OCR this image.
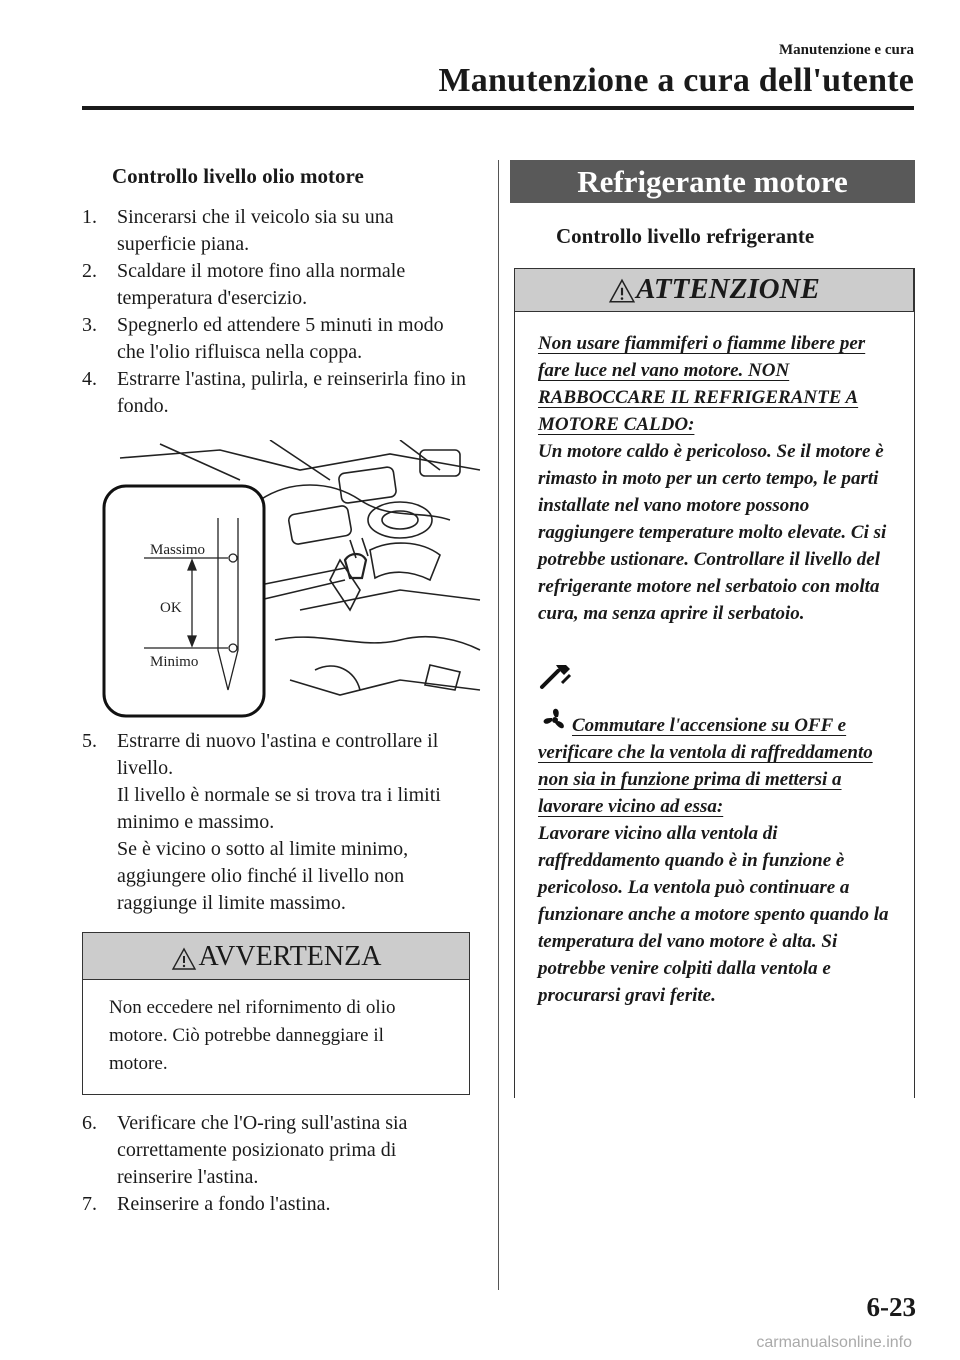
Manutenzione e cura
Manutenzione a cura dell'utente
Controllo livello olio motore
1. Sincerarsi che il veicolo sia su una superficie piana.

2. Scaldare il motore fino alla normale temperatura d'esercizio.

3. Spegnerlo ed attendere 5 minuti in modo che l'olio rifluisca nella coppa.

4. Estrarre l'astina, pulirla, e reinserirla fino in fondo.

Massimo
OK
Minimo
5. Estrarre di nuovo l'astina e controllare il livello.

Il livello è normale se si trova tra i limiti minimo e massimo.

Se è vicino o sotto al limite minimo, aggiungere olio finché il livello non raggiunge il limite massimo.

AVVERTENZA
Non eccedere nel rifornimento di olio motore. Ciò potrebbe danneggiare il motore.
6. Verificare che l'O-ring sull'astina sia correttamente posizionato prima di reinserire l'astina.

7. Reinserire a fondo l'astina.

Refrigerante motore
Controllo livello refrigerante
ATTENZIONE

Non usare fiammiferi o fiamme libere per fare luce nel vano motore. NON RABBOCCARE IL REFRIGERANTE A MOTORE CALDO:

Un motore caldo è pericoloso. Se il motore è rimasto in moto per un certo tempo, le parti installate nel vano motore possono raggiungere temperature molto elevate. Ci si potrebbe ustionare. Controllare il livello del refrigerante motore nel serbatoio con molta cura, ma senza aprire il serbatoio.

Commutare l'accensione su OFF e verificare che la ventola di raffreddamento non sia in funzione prima di mettersi a lavorare vicino ad essa:

Lavorare vicino alla ventola di raffreddamento quando è in funzione è pericoloso. La ventola può continuare a funzionare anche a motore spento quando la temperatura del vano motore è alta. Si potrebbe venire colpiti dalla ventola e procurarsi gravi ferite.

6-23
carmanualsonline.info
